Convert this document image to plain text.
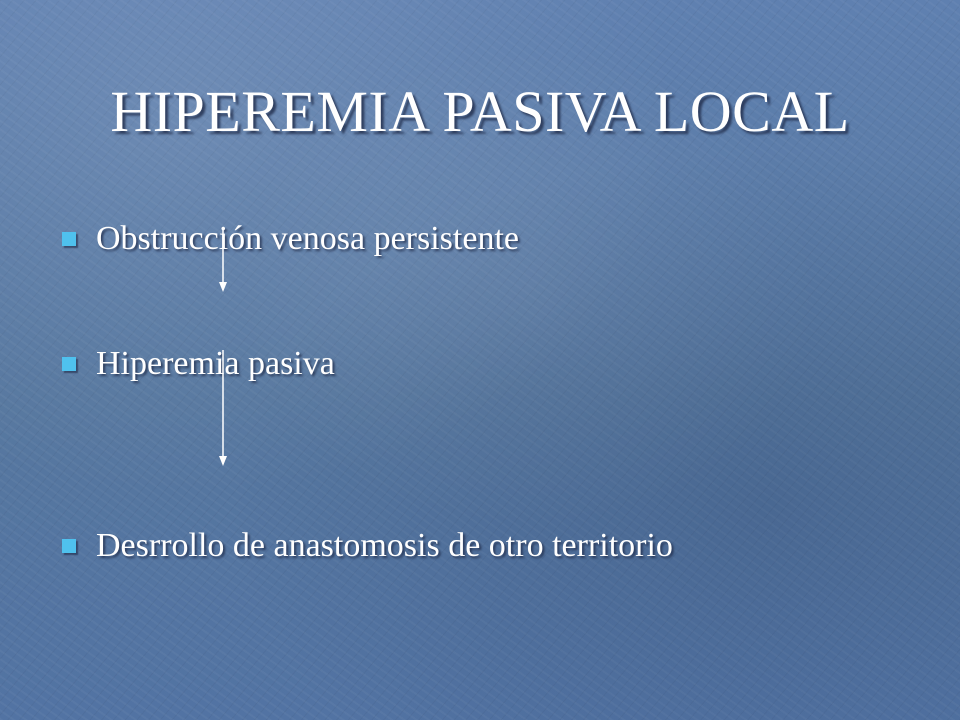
HIPEREMIA PASIVA LOCAL
Obstrucción venosa persistente
Hiperemia pasiva
Desrrollo de anastomosis de otro territorio
